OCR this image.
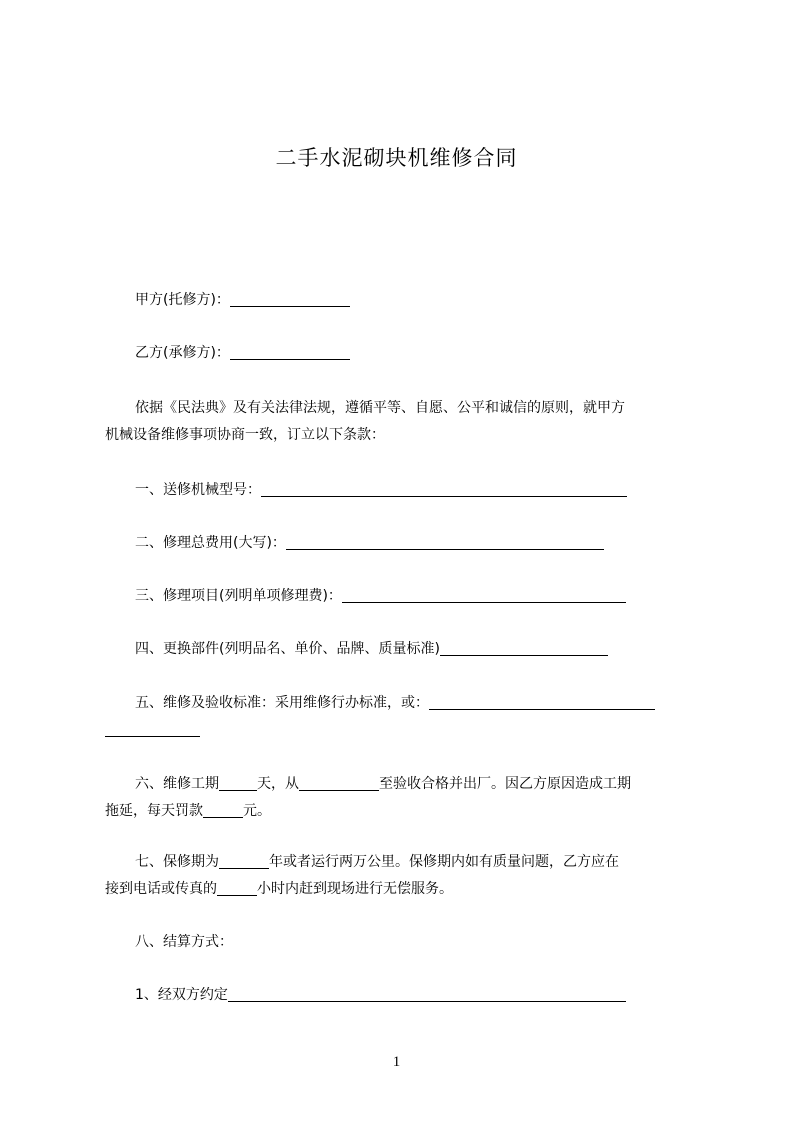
二手水泥砌块机维修合同
甲方(托修方)：
乙方(承修方)：
依据《民法典》及有关法律法规，遵循平等、自愿、公平和诚信的原则，就甲方
机械设备维修事项协商一致，订立以下条款：
一、送修机械型号：
二、修理总费用(大写)：
三、修理项目(列明单项修理费)：
四、更换部件(列明品名、单价、品牌、质量标准)
五、维修及验收标准：采用维修行办标准，或：
六、维修工期	天，从	至验收合格并出厂。因乙方原因造成工期
拖延，每天罚款	元。
七、保修期为	年或者运行两万公里。保修期内如有质量问题，乙方应在
接到电话或传真的	小时内赶到现场进行无偿服务。
八、结算方式：
1、经双方约定
1
